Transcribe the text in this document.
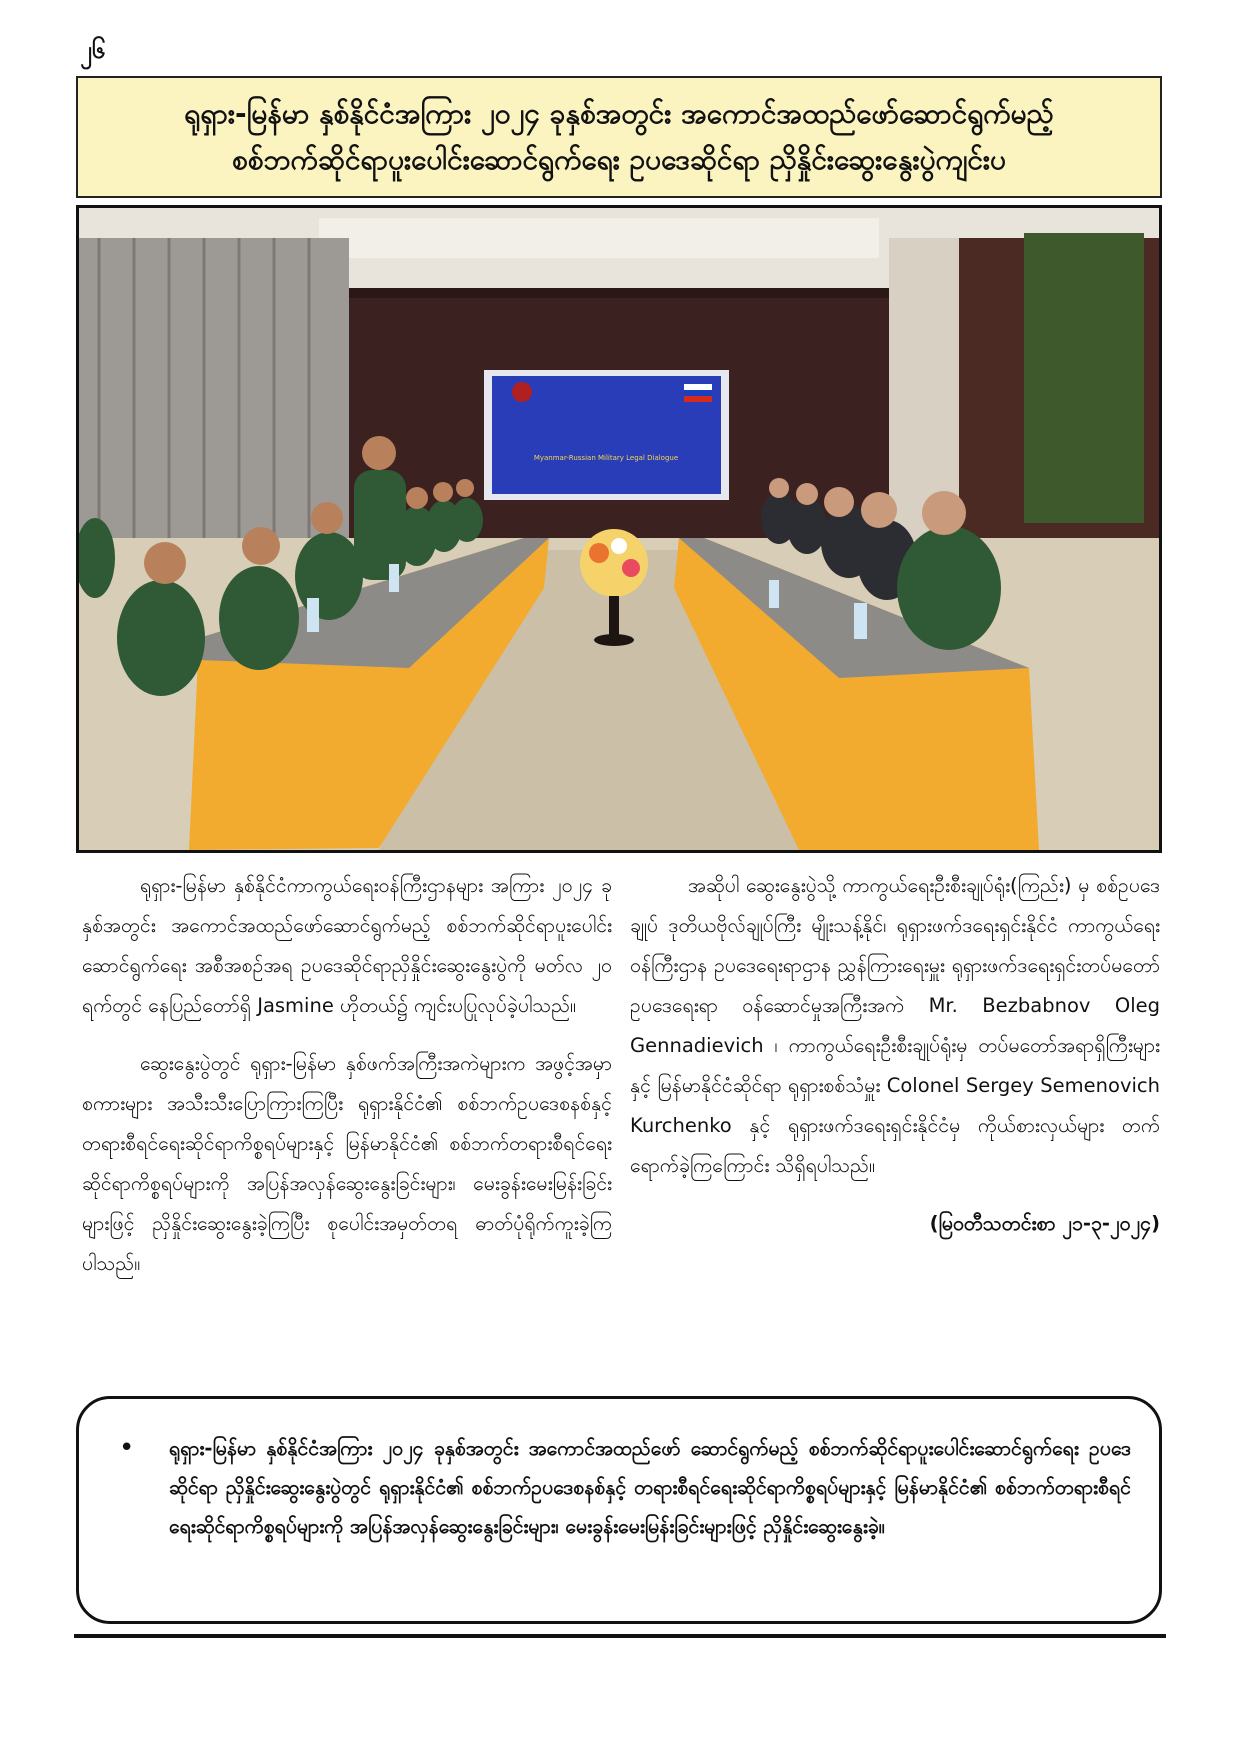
၂၆
ရုရှား-မြန်မာ နှစ်နိုင်ငံအကြား ၂၀၂၄ ခုနှစ်အတွင်း အကောင်အထည်ဖော်ဆောင်ရွက်မည့်
စစ်ဘက်ဆိုင်ရာပူးပေါင်းဆောင်ရွက်ရေး ဥပဒေဆိုင်ရာ ညှိနှိုင်းဆွေးနွေးပွဲကျင်းပ
Myanmar-Russian Military Legal Dialogue

ရုရှား-မြန်မာ နှစ်နိုင်ငံကာကွယ်ရေးဝန်ကြီးဌာနများ အကြား ၂၀၂၄ ခုနှစ်အတွင်း အကောင်အထည်ဖော်ဆောင်ရွက်မည့် စစ်ဘက်ဆိုင်ရာပူးပေါင်းဆောင်ရွက်ရေး အစီအစဉ်အရ ဥပဒေဆိုင်ရာညှိနှိုင်းဆွေးနွေးပွဲကို မတ်လ ၂၀ ရက်တွင် နေပြည်တော်ရှိ Jasmine ဟိုတယ်၌ ကျင်းပပြုလုပ်ခဲ့ပါသည်။

ဆွေးနွေးပွဲတွင် ရုရှား-မြန်မာ နှစ်ဖက်အကြီးအကဲများက အဖွင့်အမှာစကားများ အသီးသီးပြောကြားကြပြီး ရုရှားနိုင်ငံ၏ စစ်ဘက်ဥပဒေစနစ်နှင့် တရားစီရင်ရေးဆိုင်ရာကိစ္စရပ်များနှင့် မြန်မာနိုင်ငံ၏ စစ်ဘက်တရားစီရင်ရေးဆိုင်ရာကိစ္စရပ်များကို အပြန်အလှန်ဆွေးနွေးခြင်းများ၊ မေးခွန်းမေးမြန်းခြင်းများဖြင့် ညှိနှိုင်းဆွေးနွေးခဲ့ကြပြီး စုပေါင်းအမှတ်တရ ဓာတ်ပုံရိုက်ကူးခဲ့ကြပါသည်။

အဆိုပါ ဆွေးနွေးပွဲသို့ ကာကွယ်ရေးဦးစီးချုပ်ရုံး(ကြည်း) မှ စစ်ဥပဒေချုပ် ဒုတိယဗိုလ်ချုပ်ကြီး မျိုးသန့်နိုင်၊ ရုရှားဖက်ဒရေးရှင်းနိုင်ငံ ကာကွယ်ရေးဝန်ကြီးဌာန ဥပဒေရေးရာဌာန ညွှန်ကြားရေးမှူး ရုရှားဖက်ဒရေးရှင်းတပ်မတော် ဥပဒေရေးရာ ဝန်ဆောင်မှုအကြီးအကဲ Mr. Bezbabnov Oleg Gennadievich ၊ ကာကွယ်ရေးဦးစီးချုပ်ရုံးမှ တပ်မတော်အရာရှိကြီးများနှင့် မြန်မာနိုင်ငံဆိုင်ရာ ရုရှားစစ်သံမှူး Colonel Sergey Semenovich Kurchenko နှင့် ရုရှားဖက်ဒရေးရှင်းနိုင်ငံမှ ကိုယ်စားလှယ်များ တက်ရောက်ခဲ့ကြကြောင်း သိရှိရပါသည်။

(မြဝတီသတင်းစာ ၂၁-၃-၂၀၂၄)

•	ရုရှား-မြန်မာ နှစ်နိုင်ငံအကြား ၂၀၂၄ ခုနှစ်အတွင်း အကောင်အထည်ဖော် ဆောင်ရွက်မည့် စစ်ဘက်ဆိုင်ရာပူးပေါင်းဆောင်ရွက်ရေး ဥပဒေဆိုင်ရာ ညှိနှိုင်းဆွေးနွေးပွဲတွင် ရုရှားနိုင်ငံ၏ စစ်ဘက်ဥပဒေစနစ်နှင့် တရားစီရင်ရေးဆိုင်ရာကိစ္စရပ်များနှင့် မြန်မာနိုင်ငံ၏ စစ်ဘက်တရားစီရင်ရေးဆိုင်ရာကိစ္စရပ်များကို အပြန်အလှန်ဆွေးနွေးခြင်းများ၊ မေးခွန်းမေးမြန်းခြင်းများဖြင့် ညှိနှိုင်းဆွေးနွေးခဲ့။
